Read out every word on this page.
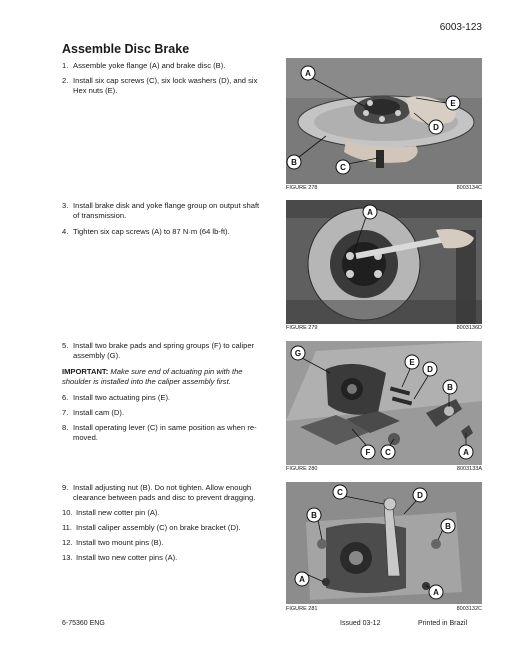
6003-123
Assemble Disc Brake
1. Assemble yoke flange (A) and brake disc (B).
2. Install six cap screws (C), six lock washers (D), and six Hex nuts (E).
3. Install brake disk and yoke flange group on output shaft of transmission.
4. Tighten six cap screws (A) to 87 N·m (64 lb-ft).
5. Install two brake pads and spring groups (F) to caliper assembly (G).
IMPORTANT: Make sure end of actuating pin with the shoulder is installed into the caliper assembly first.
6. Install two actuating pins (E).
7. Install cam (D).
8. Install operating lever (C) in same position as when re-moved.
9. Install adjusting nut (B). Do not tighten. Allow enough clearance between pads and disc to prevent dragging.
10. Install new cotter pin (A).
11. Install caliper assembly (C) on brake bracket (D).
12. Install two mount pins (B).
13. Install two new cotter pins (A).
A
E
D
B
C
FIGURE 278	8003134C
A
FIGURE 279	8003136D
G
E
D
B
F C	A
FIGURE 280	8003133A
C	D
B
B
A
A
FIGURE 281	8003132C
6-75360 ENG	Issued 03-12	Printed in Brazil
